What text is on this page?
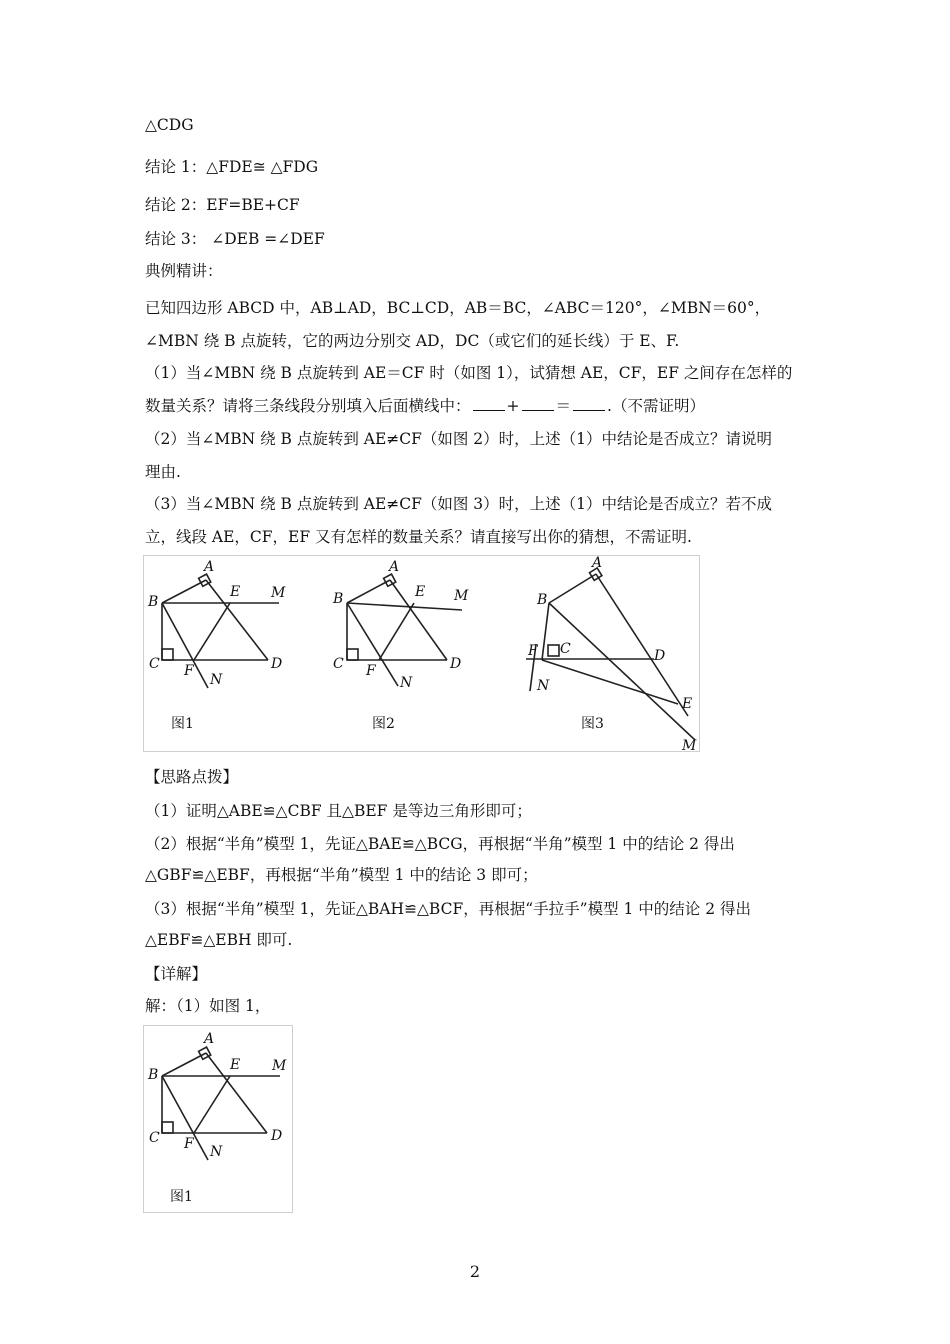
△CDG
结论 1：△FDE≅ △FDG
结论 2：EF=BE+CF
结论 3： ∠DEB =∠DEF
典例精讲：
已知四边形 ABCD 中，AB⊥AD，BC⊥CD，AB＝BC，∠ABC＝120°，∠MBN＝60°，
∠MBN 绕 B 点旋转，它的两边分别交 AD，DC（或它们的延长线）于 E、F.
（1）当∠MBN 绕 B 点旋转到 AE＝CF 时（如图 1），试猜想 AE，CF，EF 之间存在怎样的
数量关系？请将三条线段分别填入后面横线中： + ＝ .（不需证明）
（2）当∠MBN 绕 B 点旋转到 AE≠CF（如图 2）时，上述（1）中结论是否成立？请说明
理由.
（3）当∠MBN 绕 B 点旋转到 AE≠CF（如图 3）时，上述（1）中结论是否成立？若不成
立，线段 AE，CF，EF 又有怎样的数量关系？请直接写出你的猜想，不需证明.
A
B
E M
C F	D
N
图1
A
B	E M
C F	D
N
图2
A
B
F C	D
N
E
M
图3
【思路点拨】
（1）证明△ABE≌△CBF 且△BEF 是等边三角形即可；
（2）根据“半角”模型 1，先证△BAE≌△BCG，再根据“半角”模型 1 中的结论 2 得出
△GBF≌△EBF，再根据“半角”模型 1 中的结论 3 即可；
（3）根据“半角”模型 1，先证△BAH≌△BCF，再根据“手拉手”模型 1 中的结论 2 得出
△EBF≌△EBH 即可.
【详解】
解：（1）如图 1，
A
B
E M
C F	D
N
图1
2
